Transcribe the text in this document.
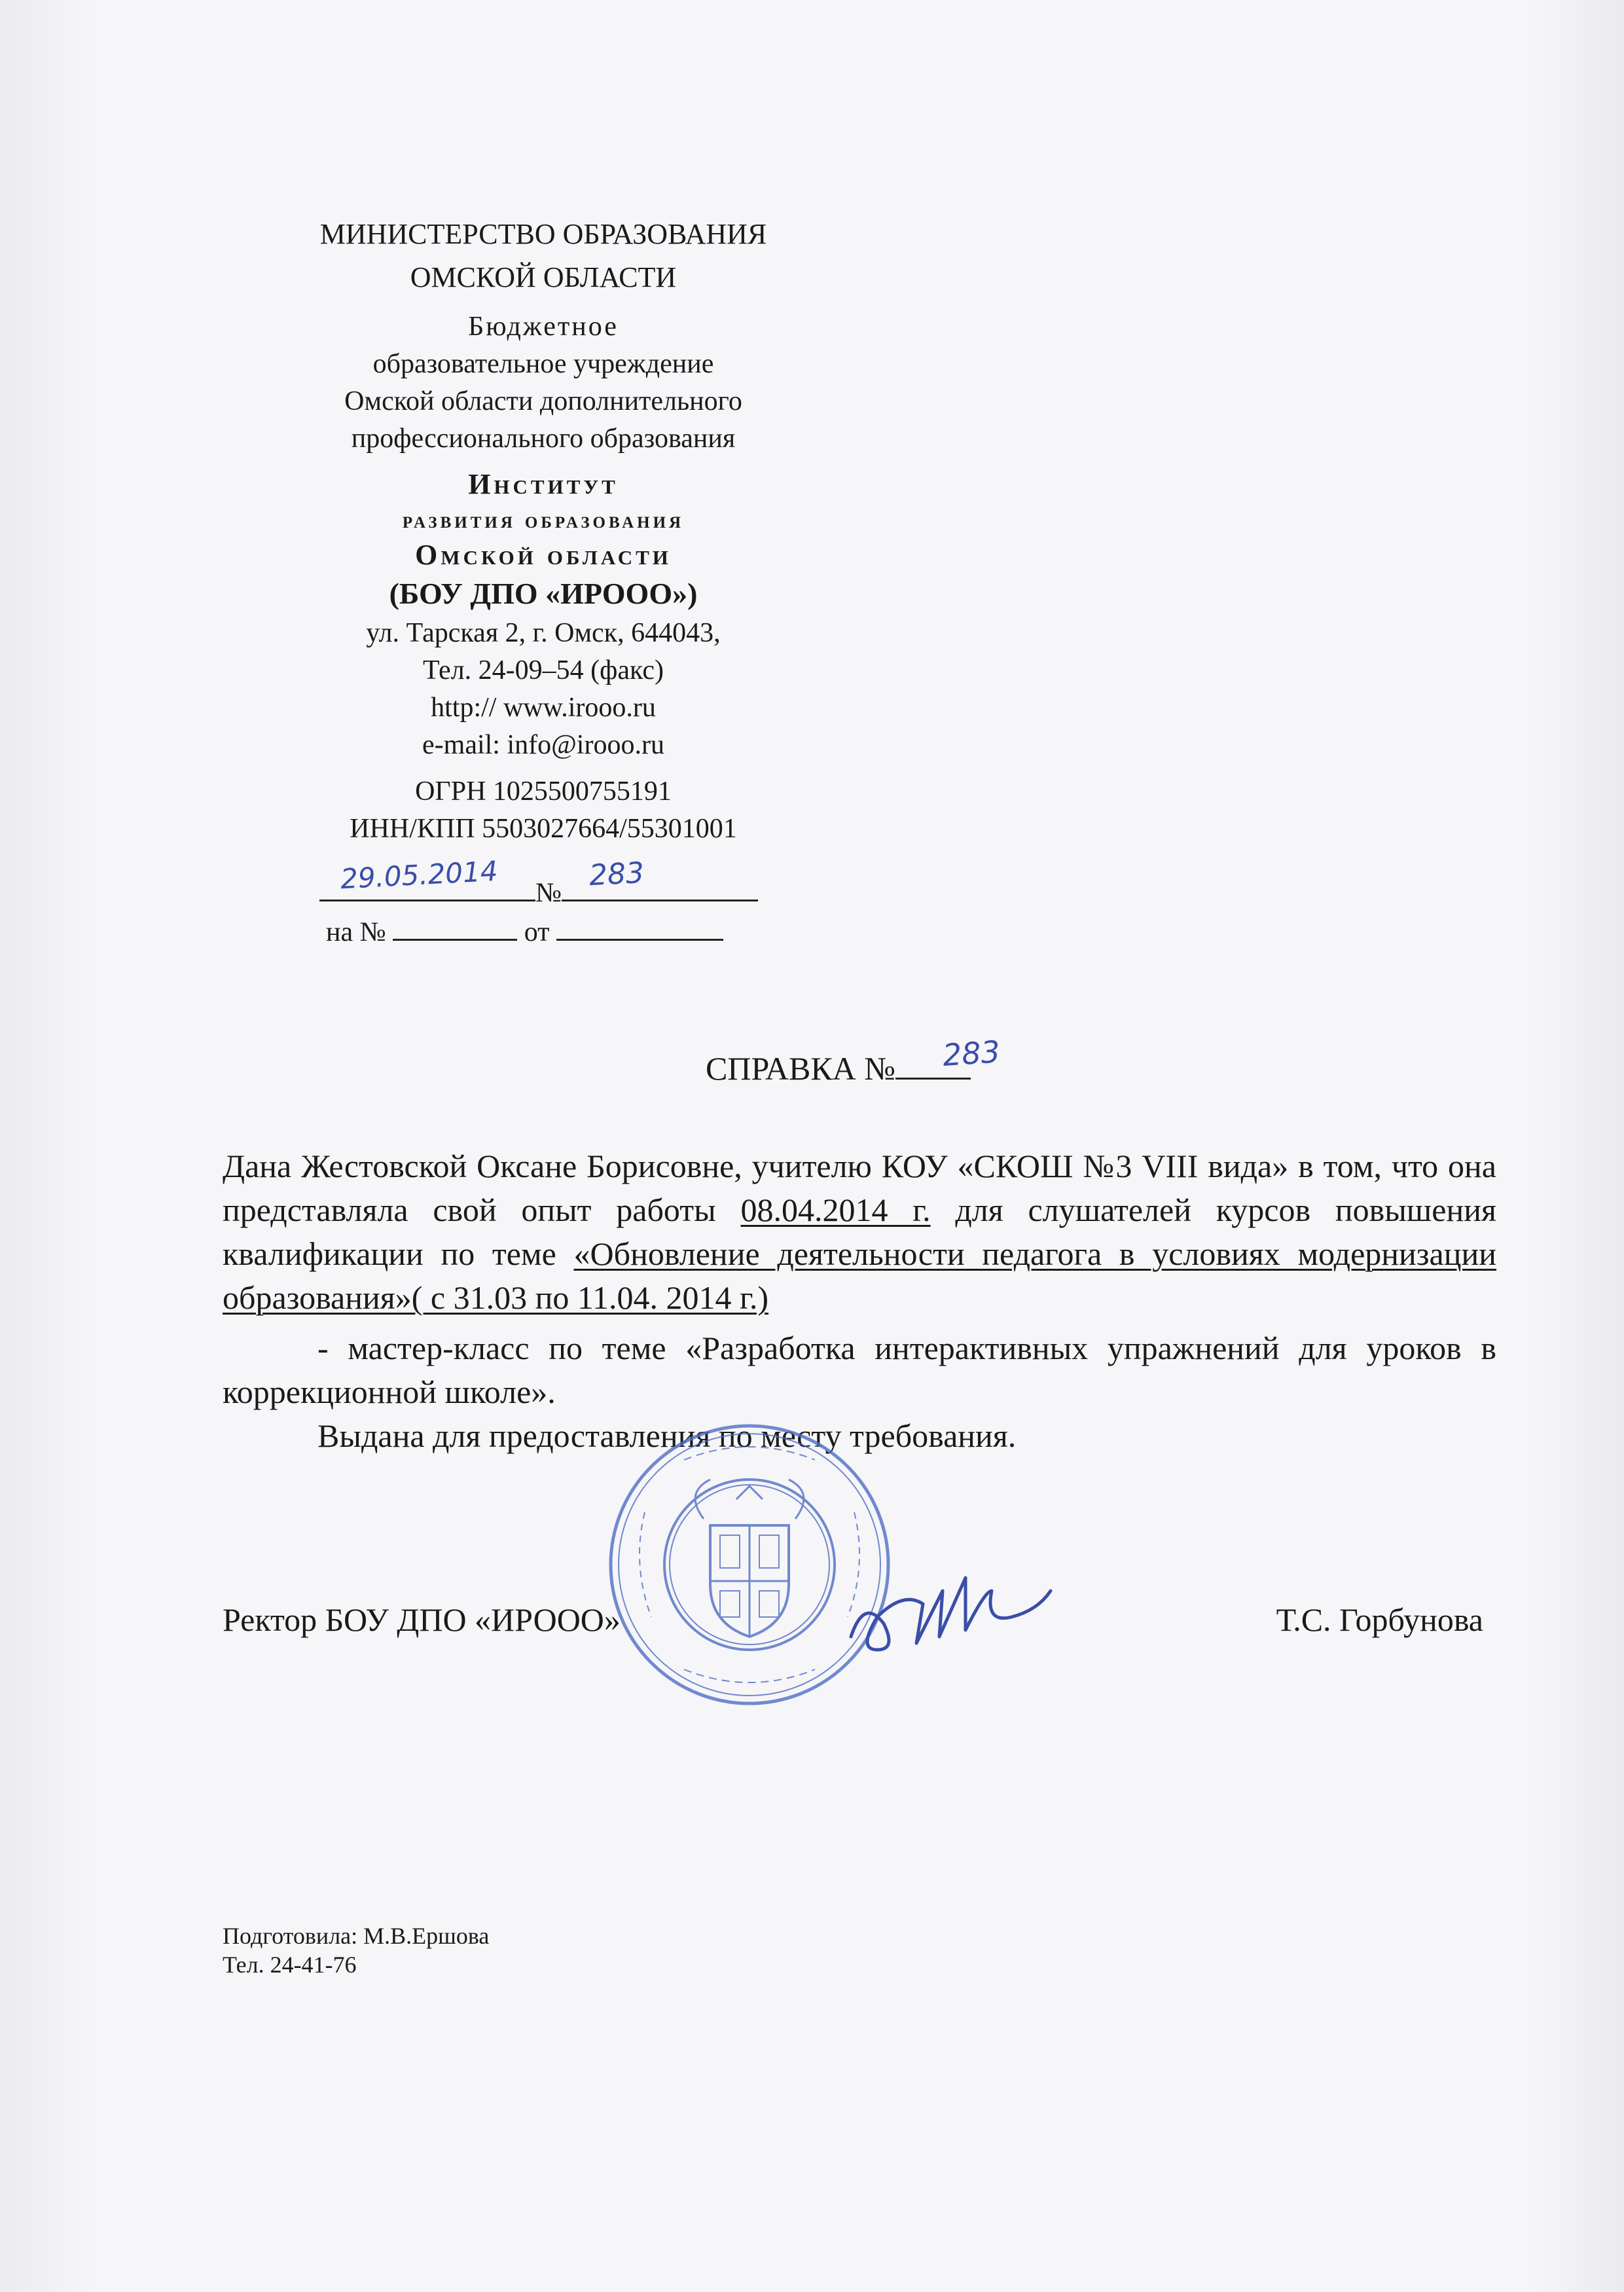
МИНИСТЕРСТВО ОБРАЗОВАНИЯ
ОМСКОЙ ОБЛАСТИ
Бюджетное
образовательное учреждение
Омской области дополнительного
профессионального образования
Институт
развития образования
Омской области
(БОУ ДПО «ИРООО»)
ул. Тарская 2, г. Омск, 644043,
Тел. 24-09–54 (факс)
http:// www.irooo.ru
e-mail: info@irooo.ru
ОГРН 1025500755191
ИНН/КПП 5503027664/55301001
№
29.05.2014	283
на №	от
СПРАВКА №	283

Дана Жестовской Оксане Борисовне, учителю КОУ «СКОШ №3 VIII вида» в том, что она представляла свой опыт работы 08.04.2014 г. для слушателей курсов повышения квалификации по теме «Обновление деятельности педагога в условиях модернизации образования»( с 31.03 по 11.04. 2014 г.)

- мастер-класс по теме «Разработка интерактивных упражнений для уроков в коррекционной школе».

Выдана для предоставления по месту требования.

Ректор БОУ ДПО «ИРООО»	Т.С. Горбунова
Подготовила: М.В.Ершова
Тел. 24-41-76
